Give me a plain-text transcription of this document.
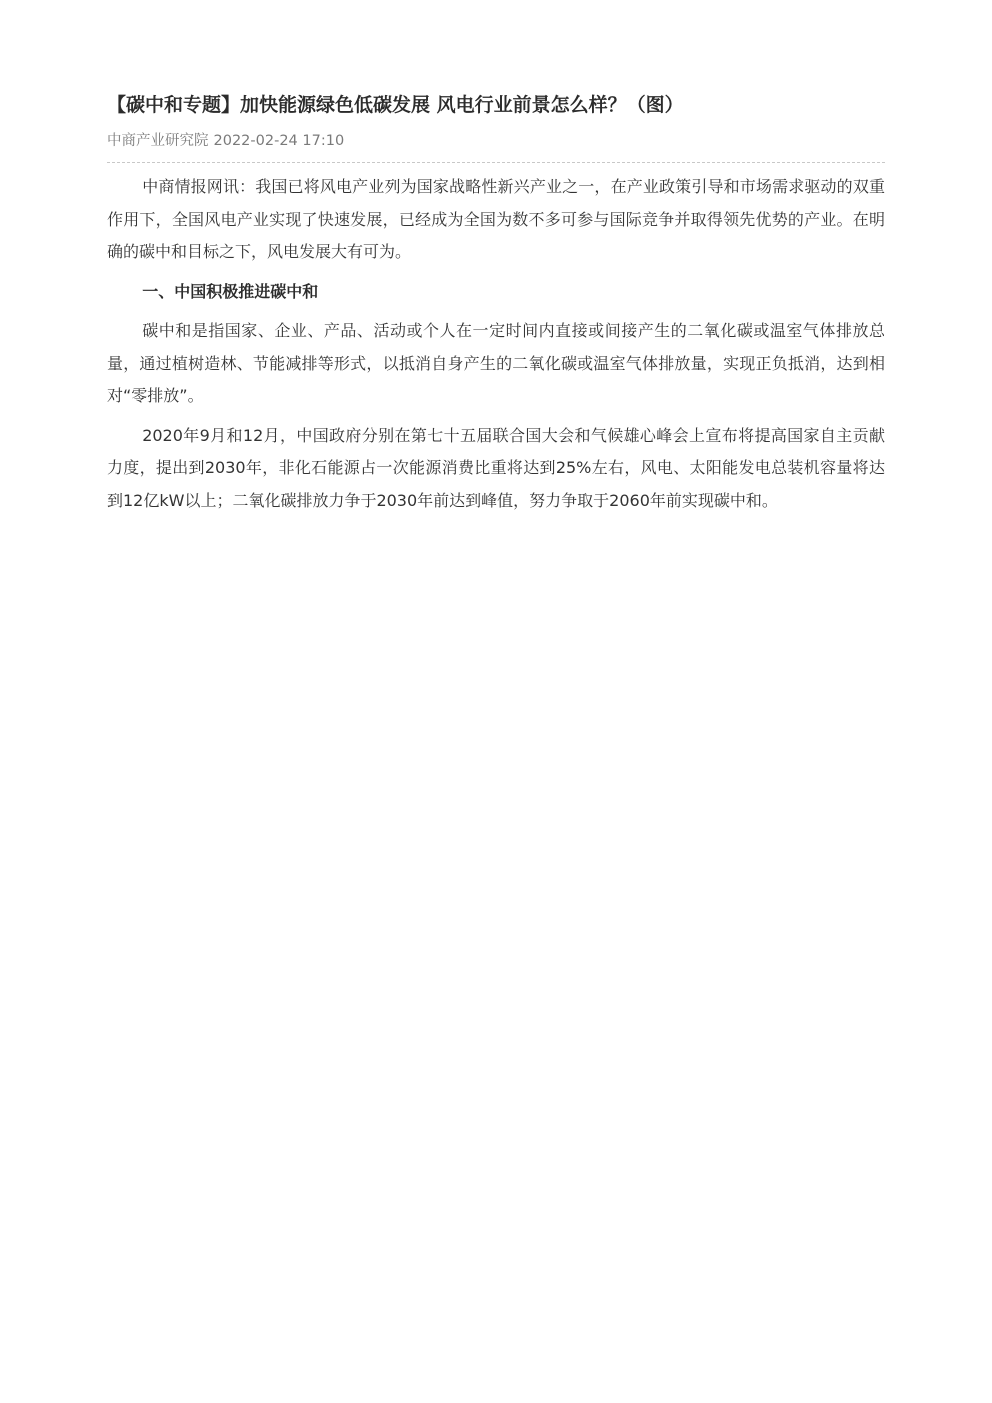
【碳中和专题】加快能源绿色低碳发展 风电行业前景怎么样？（图）
中商产业研究院 2022-02-24 17:10

中商情报网讯：我国已将风电产业列为国家战略性新兴产业之一，在产业政策引导和市场需求驱动的双重作用下，全国风电产业实现了快速发展，已经成为全国为数不多可参与国际竞争并取得领先优势的产业。在明确的碳中和目标之下，风电发展大有可为。

一、中国积极推进碳中和

碳中和是指国家、企业、产品、活动或个人在一定时间内直接或间接产生的二氧化碳或温室气体排放总量，通过植树造林、节能减排等形式，以抵消自身产生的二氧化碳或温室气体排放量，实现正负抵消，达到相对“零排放”。

2020年9月和12月，中国政府分别在第七十五届联合国大会和气候雄心峰会上宣布将提高国家自主贡献力度，提出到2030年，非化石能源占一次能源消费比重将达到25%左右，风电、太阳能发电总装机容量将达到12亿kW以上；二氧化碳排放力争于2030年前达到峰值，努力争取于2060年前实现碳中和。
